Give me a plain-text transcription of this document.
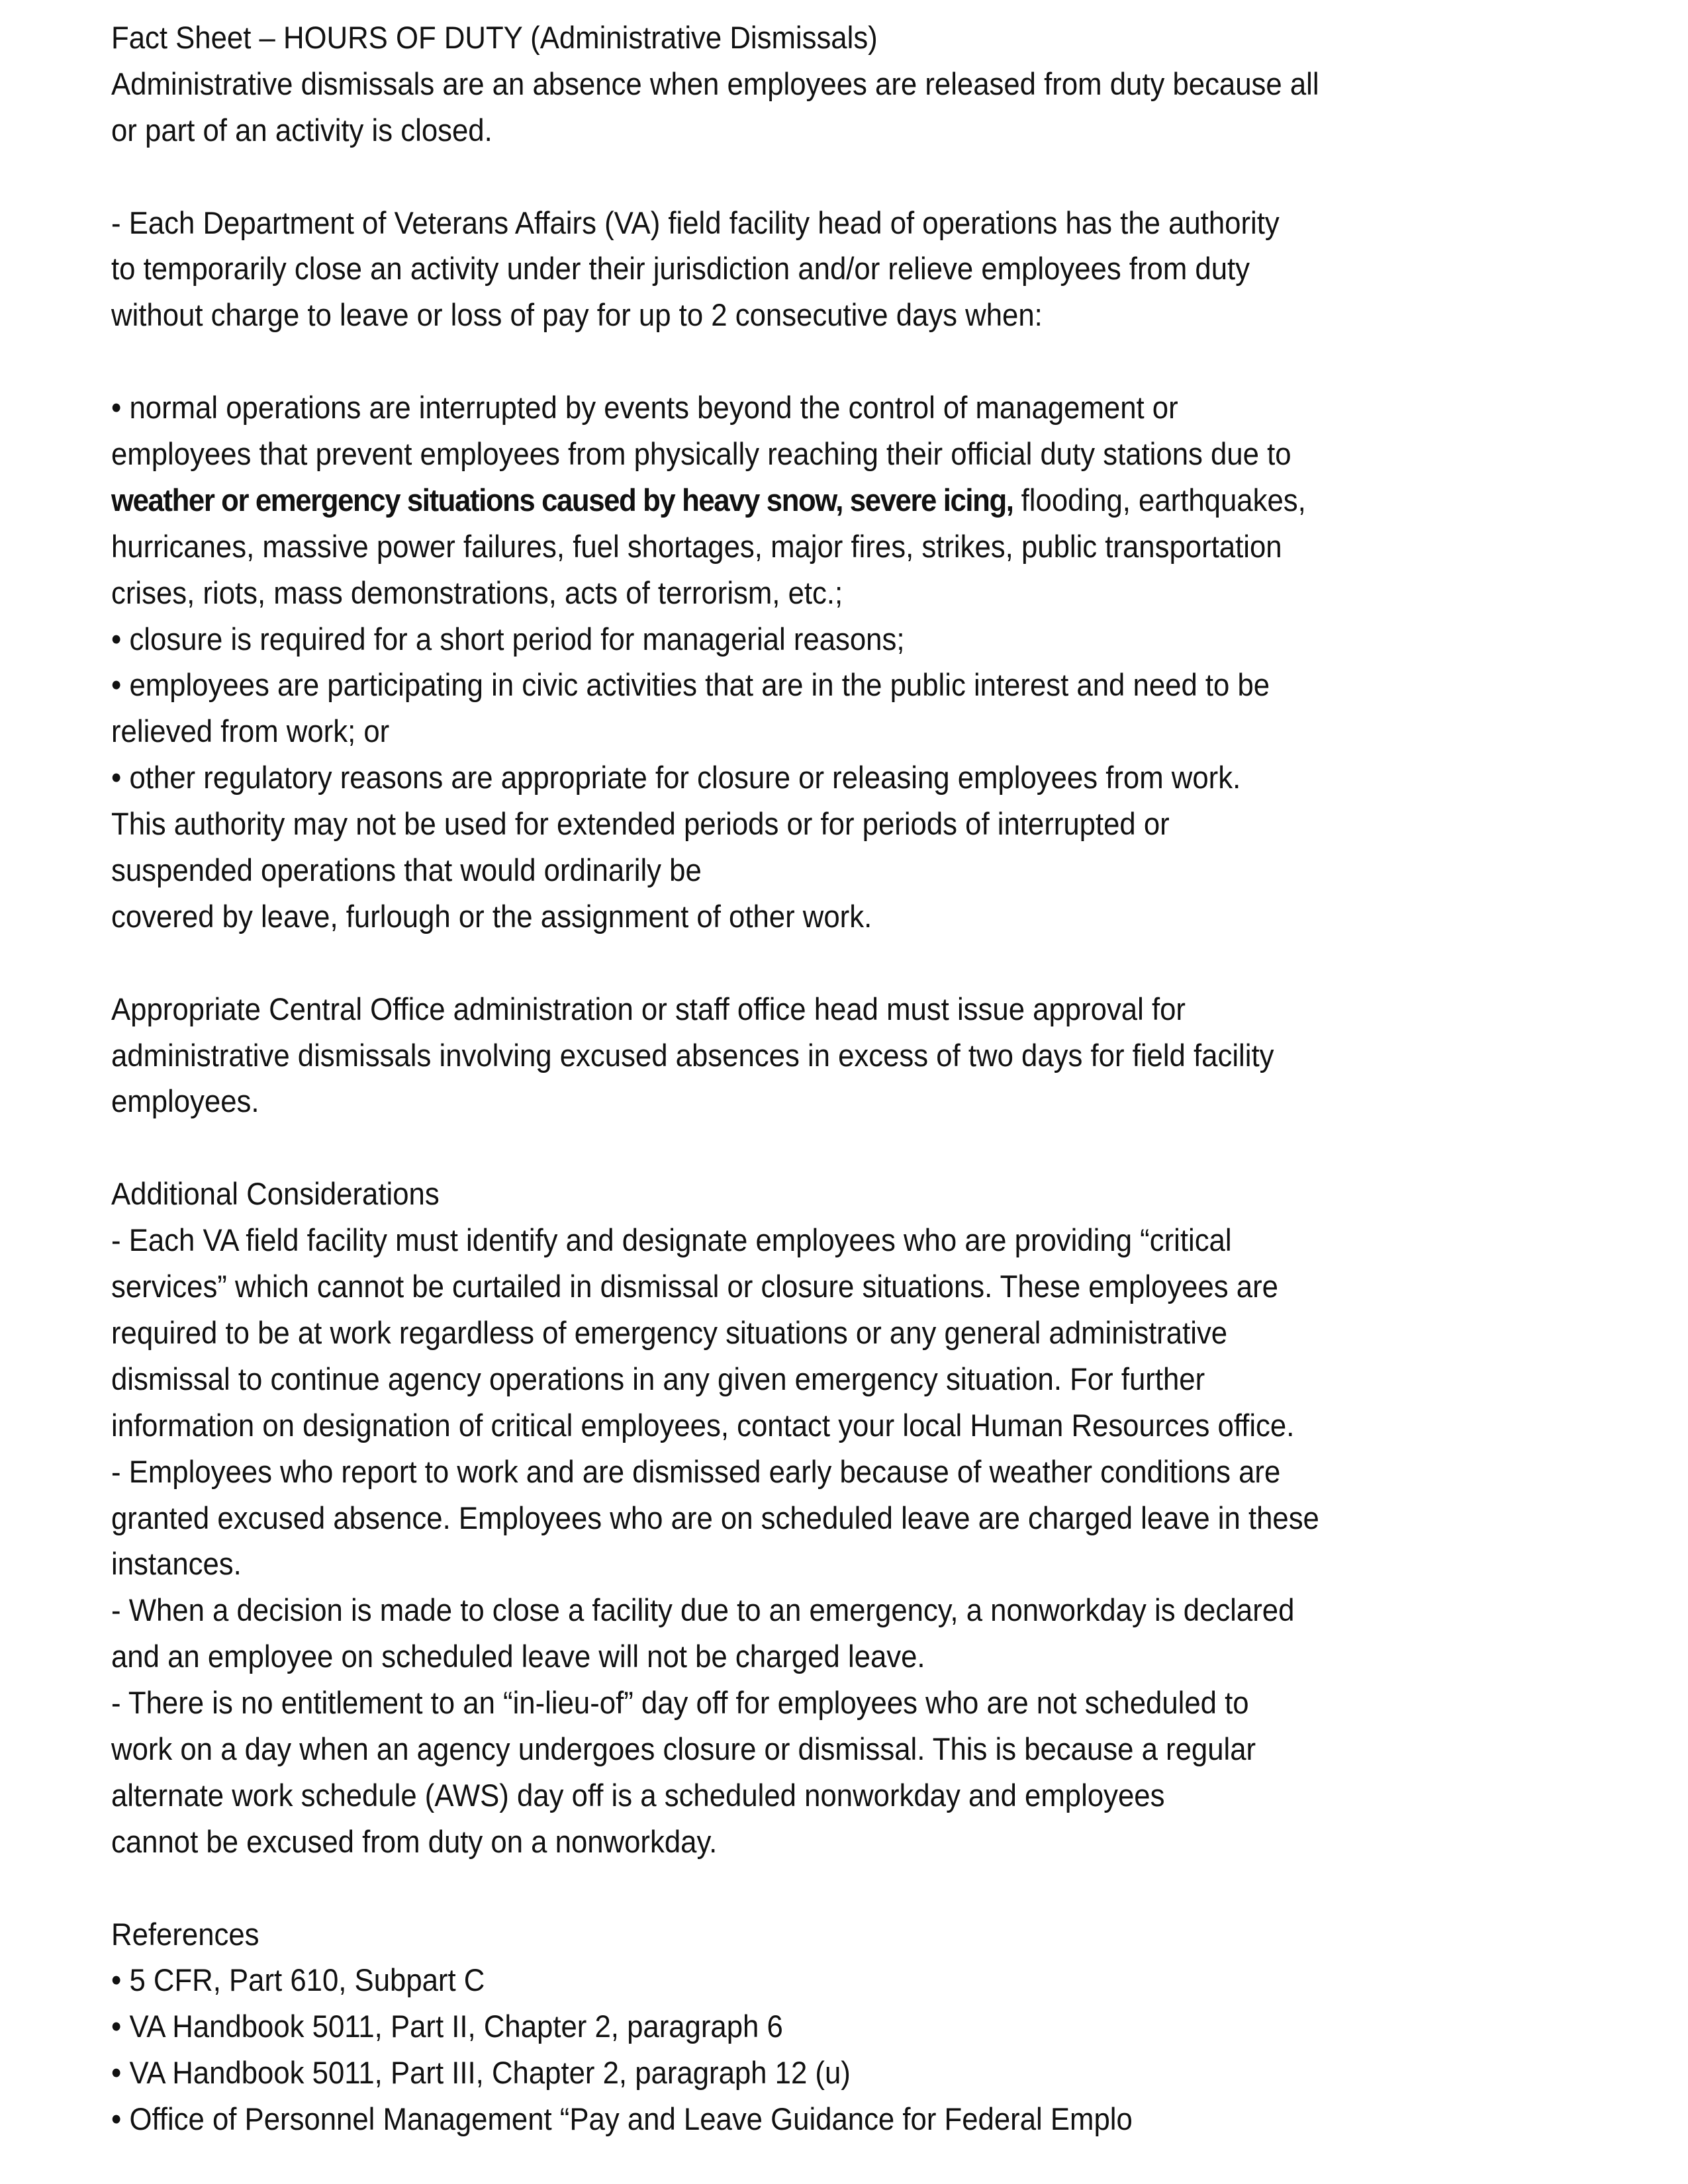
Fact Sheet – HOURS OF DUTY (Administrative Dismissals)
Administrative dismissals are an absence when employees are released from duty because all
or part of an activity is closed.
- Each Department of Veterans Affairs (VA) field facility head of operations has the authority
to temporarily close an activity under their jurisdiction and/or relieve employees from duty
without charge to leave or loss of pay for up to 2 consecutive days when:
• normal operations are interrupted by events beyond the control of management or
employees that prevent employees from physically reaching their official duty stations due to
weather or emergency situations caused by heavy snow, severe icing, flooding, earthquakes,
hurricanes, massive power failures, fuel shortages, major fires, strikes, public transportation
crises, riots, mass demonstrations, acts of terrorism, etc.;
• closure is required for a short period for managerial reasons;
• employees are participating in civic activities that are in the public interest and need to be
relieved from work; or
• other regulatory reasons are appropriate for closure or releasing employees from work.
This authority may not be used for extended periods or for periods of interrupted or
suspended operations that would ordinarily be
covered by leave, furlough or the assignment of other work.
Appropriate Central Office administration or staff office head must issue approval for
administrative dismissals involving excused absences in excess of two days for field facility
employees.
Additional Considerations
- Each VA field facility must identify and designate employees who are providing “critical
services” which cannot be curtailed in dismissal or closure situations. These employees are
required to be at work regardless of emergency situations or any general administrative
dismissal to continue agency operations in any given emergency situation. For further
information on designation of critical employees, contact your local Human Resources office.
- Employees who report to work and are dismissed early because of weather conditions are
granted excused absence. Employees who are on scheduled leave are charged leave in these
instances.
- When a decision is made to close a facility due to an emergency, a nonworkday is declared
and an employee on scheduled leave will not be charged leave.
- There is no entitlement to an “in-lieu-of” day off for employees who are not scheduled to
work on a day when an agency undergoes closure or dismissal. This is because a regular
alternate work schedule (AWS) day off is a scheduled nonworkday and employees
cannot be excused from duty on a nonworkday.
References
• 5 CFR, Part 610, Subpart C
• VA Handbook 5011, Part II, Chapter 2, paragraph 6
• VA Handbook 5011, Part III, Chapter 2, paragraph 12 (u)
• Office of Personnel Management “Pay and Leave Guidance for Federal Emplo
